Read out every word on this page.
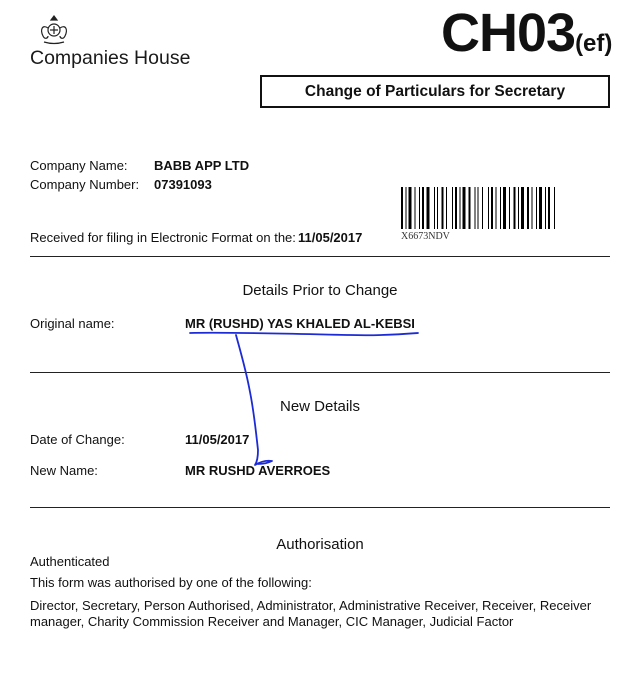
Companies House	CH03(ef)
Change of Particulars for Secretary
Company Name: BABB APP LTD
Company Number: 07391093
Received for filing in Electronic Format on the: 11/05/2017	X6673NDV
Details Prior to Change
Original name:	MR (RUSHD) YAS KHALED AL-KEBSI
New Details
Date of Change:	11/05/2017
New Name:	MR RUSHD AVERROES
Authorisation
Authenticated
This form was authorised by one of the following:
Director, Secretary, Person Authorised, Administrator, Administrative Receiver, Receiver, Receiver manager, Charity Commission Receiver and Manager, CIC Manager, Judicial Factor
